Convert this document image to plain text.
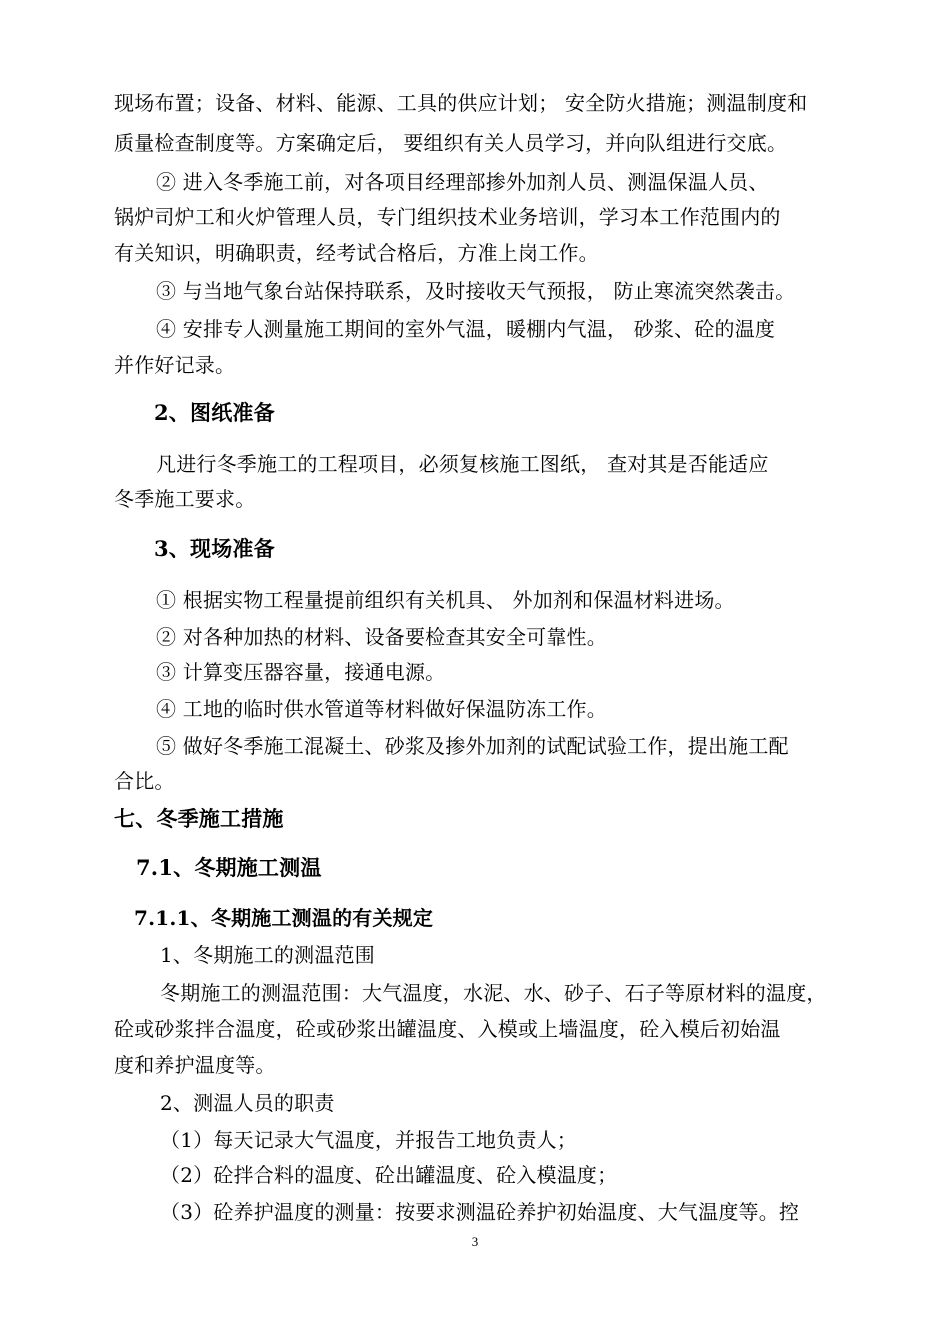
现场布置；设备、材料、能源、工具的供应计划； 安全防火措施；测温制度和
质量检查制度等。方案确定后， 要组织有关人员学习，并向队组进行交底。
② 进入冬季施工前，对各项目经理部掺外加剂人员、测温保温人员、
锅炉司炉工和火炉管理人员，专门组织技术业务培训，学习本工作范围内的
有关知识，明确职责，经考试合格后，方准上岗工作。
③ 与当地气象台站保持联系，及时接收天气预报， 防止寒流突然袭击。
④ 安排专人测量施工期间的室外气温，暖棚内气温， 砂浆、砼的温度
并作好记录。
2、图纸准备
凡进行冬季施工的工程项目，必须复核施工图纸， 查对其是否能适应
冬季施工要求。
3、现场准备
① 根据实物工程量提前组织有关机具、 外加剂和保温材料进场。
② 对各种加热的材料、设备要检查其安全可靠性。
③ 计算变压器容量，接通电源。
④ 工地的临时供水管道等材料做好保温防冻工作。
⑤ 做好冬季施工混凝土、砂浆及掺外加剂的试配试验工作，提出施工配
合比。
七、冬季施工措施
7.1、冬期施工测温
7.1.1、冬期施工测温的有关规定
1、冬期施工的测温范围
冬期施工的测温范围：大气温度，水泥、水、砂子、石子等原材料的温度，
砼或砂浆拌合温度，砼或砂浆出罐温度、入模或上墙温度，砼入模后初始温
度和养护温度等。
2、测温人员的职责
（1）每天记录大气温度，并报告工地负责人；
（2）砼拌合料的温度、砼出罐温度、砼入模温度；
（3）砼养护温度的测量：按要求测温砼养护初始温度、大气温度等。控
3
